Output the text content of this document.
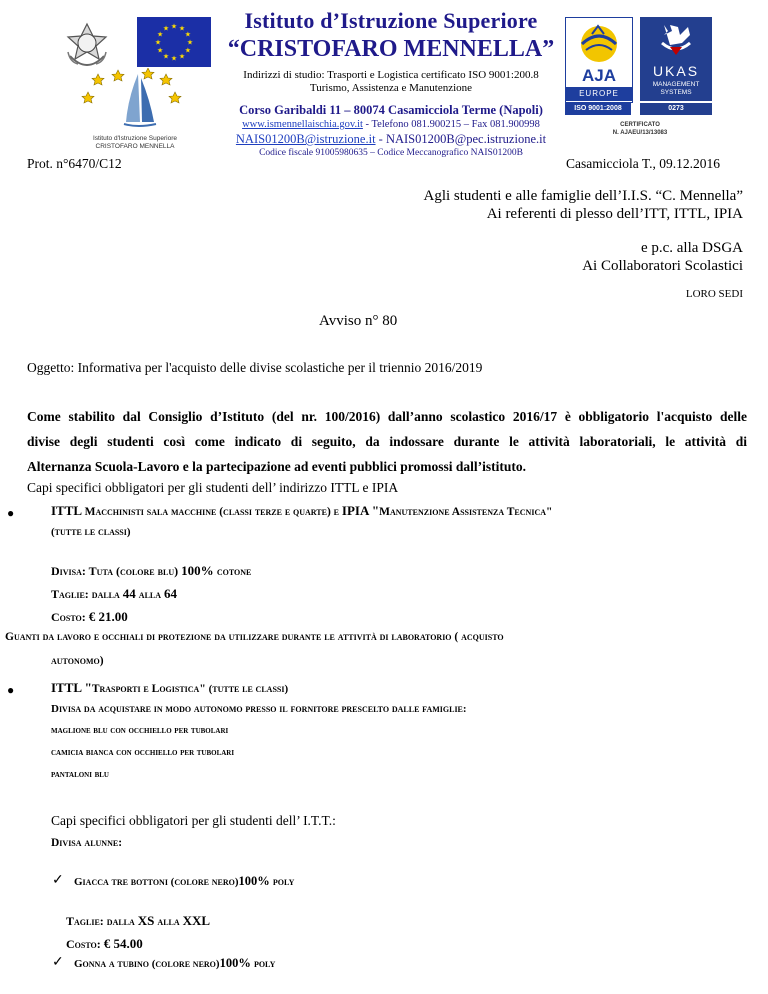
★
★
★
★
★
★
★
★
★ ★ ★
★
Istituto d'Istruzione Superiore
CRISTOFARO MENNELLA
Istituto d’Istruzione Superiore
“CRISTOFARO MENNELLA”
Indirizzi di studio: Trasporti e Logistica certificato ISO 9001:200.8
Turismo, Assistenza e Manutenzione
Corso Garibaldi 11 – 80074 Casamicciola Terme (Napoli)
www.ismennellaischia.gov.it - Telefono 081.900215 – Fax 081.900998
NAIS01200B@istruzione.it - NAIS01200B@pec.istruzione.it
Codice fiscale 91005980635 – Codice Meccanografico NAIS01200B
AJA
EUROPE
ISO 9001:2008
UKAS
MANAGEMENT SYSTEMS
0273
CERTIFICATO
N. AJAEU/13/13083
Prot. n°6470/C12	Casamicciola T., 09.12.2016
Agli studenti e alle famiglie dell’I.I.S. “C. Mennella”
Ai referenti di plesso dell’ITT, ITTL, IPIA
e p.c. alla DSGA
Ai Collaboratori Scolastici
LORO SEDI
Avviso n° 80
Oggetto: Informativa per l'acquisto delle divise scolastiche per il triennio 2016/2019
Come stabilito dal Consiglio d’Istituto (del nr. 100/2016) dall’anno scolastico 2016/17 è obbligatorio l'acquisto delle
divise degli studenti così come indicato di seguito, da indossare durante le attività laboratoriali, le attività di
Alternanza Scuola-Lavoro e la partecipazione ad eventi pubblici promossi dall’istituto.
Capi specifici obbligatori per gli studenti dell’ indirizzo ITTL e IPIA
●	ITTL Macchinisti sala macchine (classi terze e quarte) e IPIA "Manutenzione Assistenza Tecnica"
(tutte le classi)
Divisa: Tuta (colore blu) 100% cotone
Taglie: dalla 44 alla 64
Costo: € 21.00
Guanti da lavoro e occhiali di protezione da utilizzare durante le attività di laboratorio ( acquisto
autonomo)
●	ITTL "Trasporti e Logistica" (tutte le classi)
Divisa da acquistare in modo autonomo presso il fornitore prescelto dalle famiglie:
maglione blu con occhiello per tubolari
camicia bianca con occhiello per tubolari
pantaloni blu
Capi specifici obbligatori per gli studenti dell’ I.T.T.:
Divisa alunne:
✓ Giacca tre bottoni (colore nero)100% poly
Taglie: dalla XS alla XXL
Costo: € 54.00
✓ Gonna a tubino (colore nero)100% poly
